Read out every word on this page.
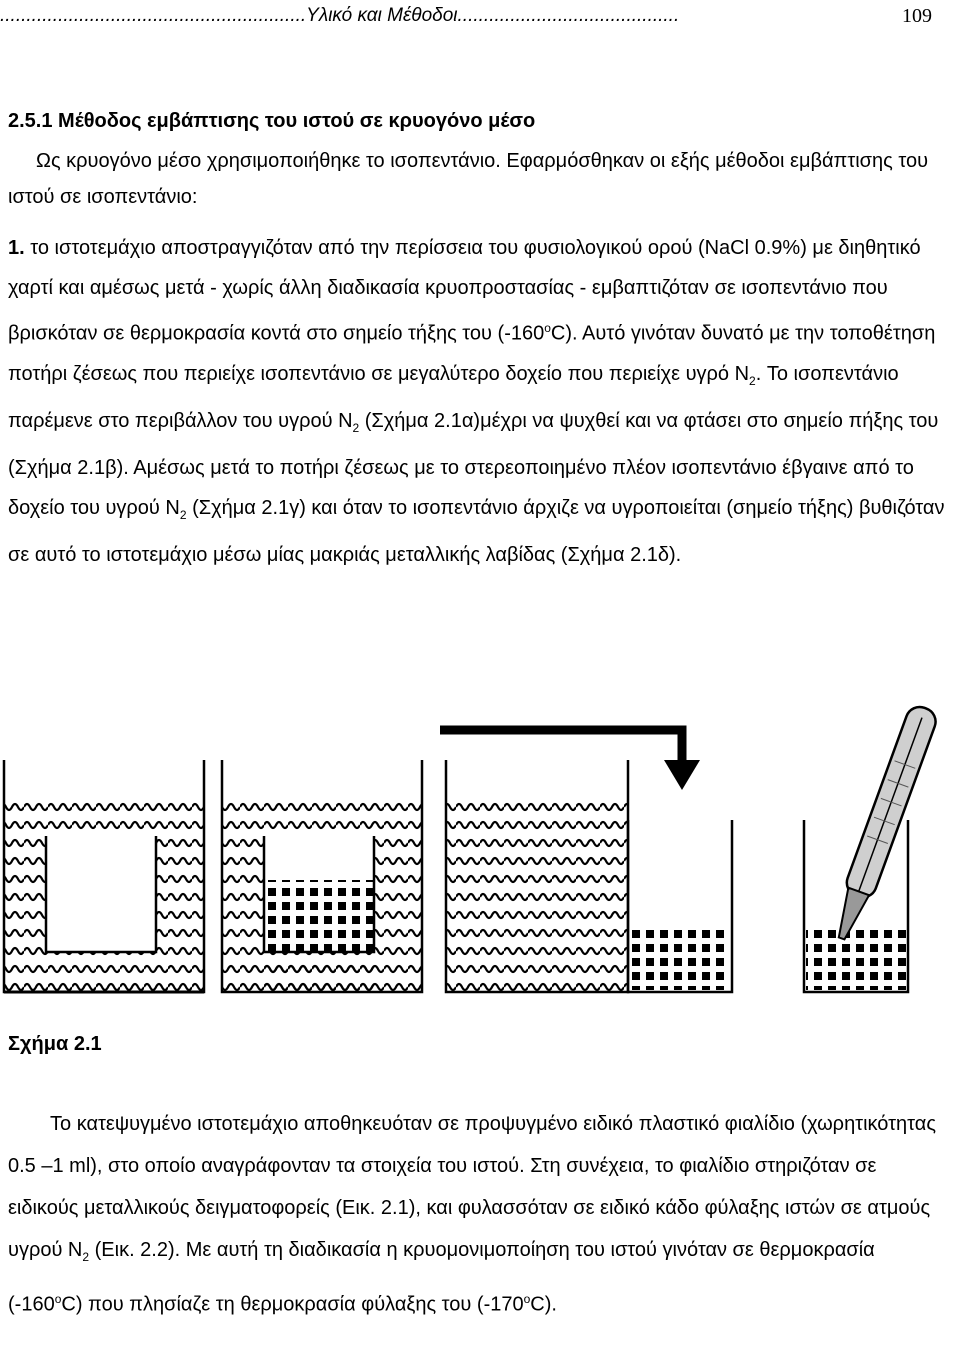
..........................................................Υλικό και Μέθοδοι..........................................	109
2.5.1 Μέθοδος εμβάπτισης του ιστού σε κρυογόνο μέσο

Ως κρυογόνο μέσο χρησιμοποιήθηκε το ισοπεντάνιο. Εφαρμόσθηκαν οι εξής μέθοδοι εμβάπτισης του ιστού σε ισοπεντάνιο:

1. το ιστοτεμάχιο αποστραγγιζόταν από την περίσσεια του φυσιολογικού ορού (NaCl 0.9%) με διηθητικό χαρτί και αμέσως μετά - χωρίς άλλη διαδικασία κρυοπροστασίας - εμβαπτιζόταν σε ισοπεντάνιο που βρισκόταν σε θερμοκρασία κοντά στο σημείο τήξης του (-160$^o$C). Αυτό γινόταν δυνατό με την τοποθέτηση ποτήρι ζέσεως που περιείχε ισοπεντάνιο σε μεγαλύτερο δοχείο που περιείχε υγρό $N_2$. Το ισοπεντάνιο παρέμενε στο περιβάλλον του υγρού $N_2$ (Σχήμα 2.1α)μέχρι να ψυχθεί και να φτάσει στο σημείο πήξης του (Σχήμα 2.1β). Αμέσως μετά το ποτήρι ζέσεως με το στερεοποιημένο πλέον ισοπεντάνιο έβγαινε από το δοχείο του υγρού $N_2$ (Σχήμα 2.1γ) και όταν το ισοπεντάνιο άρχιζε να υγροποιείται (σημείο τήξης) βυθιζόταν σε αυτό το ιστοτεμάχιο μέσω μίας μακριάς μεταλλικής λαβίδας (Σχήμα 2.1δ).

Σχήμα 2.1

Το κατεψυγμένο ιστοτεμάχιο αποθηκευόταν σε προψυγμένο ειδικό πλαστικό φιαλίδιο (χωρητικότητας 0.5 –1 ml), στο οποίο αναγράφονταν τα στοιχεία του ιστού. Στη συνέχεια, το φιαλίδιο στηριζόταν σε ειδικούς μεταλλικούς δειγματοφορείς (Εικ. 2.1), και φυλασσόταν σε ειδικό κάδο φύλαξης ιστών σε ατμούς υγρού $N_2$ (Εικ. 2.2). Με αυτή τη διαδικασία η κρυομονιμοποίηση του ιστού γινόταν σε θερμοκρασία (-160$^o$C) που πλησίαζε τη θερμοκρασία φύλαξης του (-170$^o$C).
